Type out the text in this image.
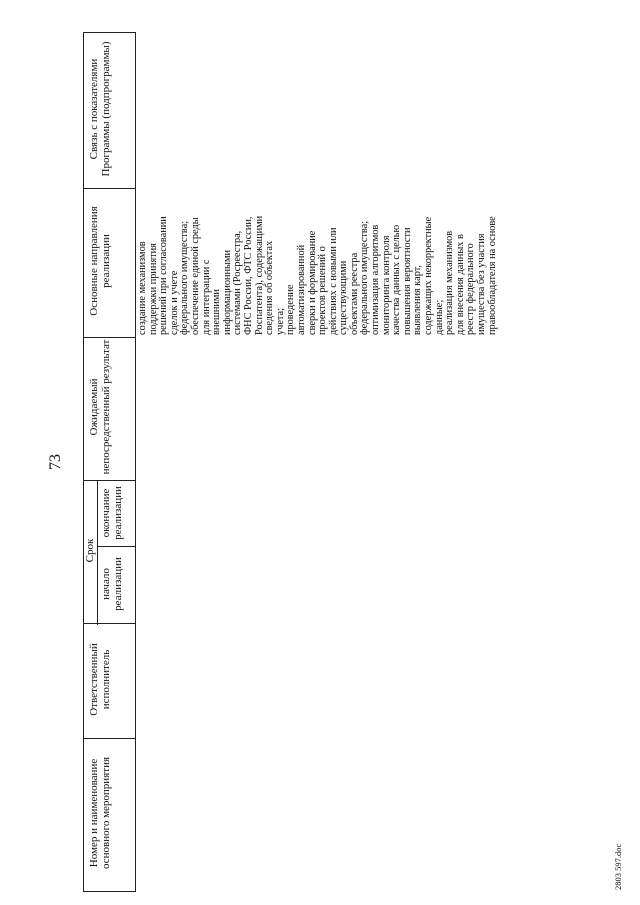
73
Номер и наименование основного мероприятия
Ответственный исполнитель
Срок
начало реализации
окончание реализации
Ожидаемый непосредственный результат
Основные направления реализации
Связь с показателями Программы (подпрограммы)
создание механизмов поддержки принятия решений при согласовании сделок и учете федерального имущества; обеспечение единой среды для интеграции с внешними информационными системами (Росреестра, ФНС России, ФТС России, Роспатента), содержащими сведения об объектах учета; проведение автоматизированной сверки и формирование проектов решений о действиях с новыми или существующими объектами реестра федерального имущества; оптимизация алгоритмов мониторинга контроля качества данных с целью повышения вероятности выявления карт, содержащих некорректные данные; реализация механизмов для внесения данных в реестр федерального имущества без участия правообладателя на основе
2803 597.doc
